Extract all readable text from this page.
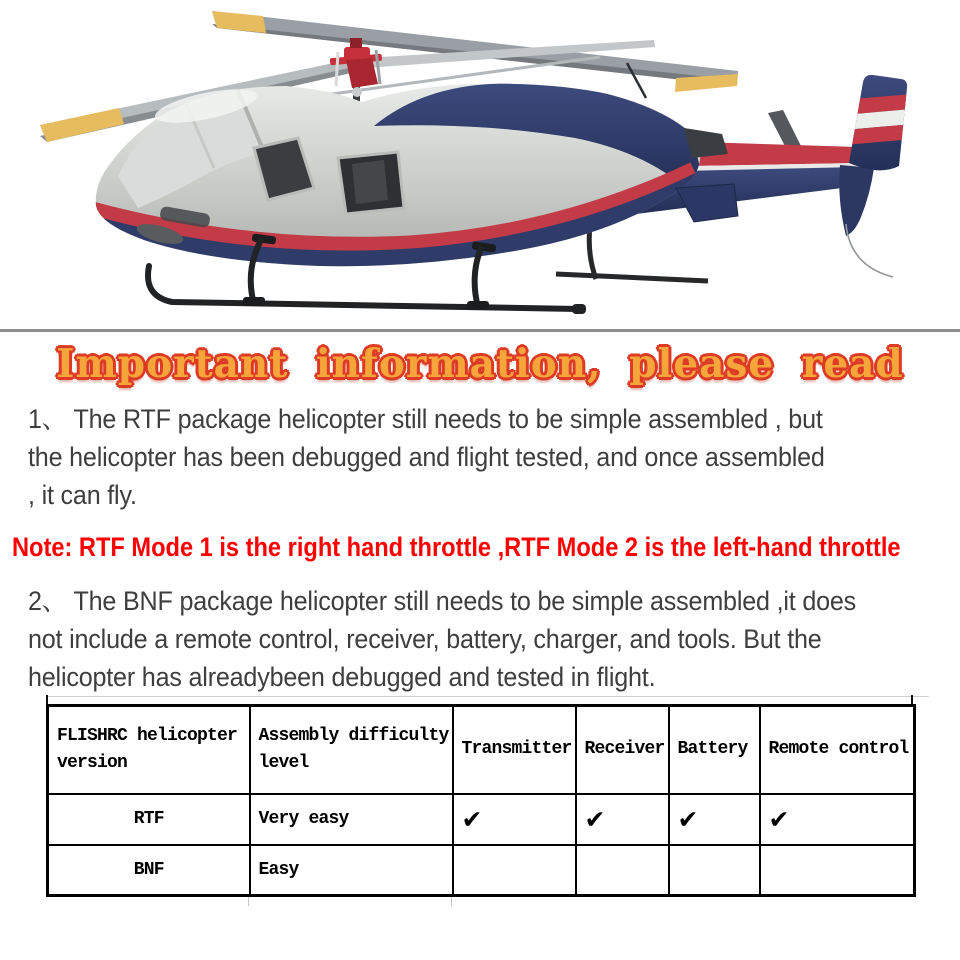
Important information, please read
1、 The RTF package helicopter still needs to be simple assembled , but
the helicopter has been debugged and flight tested, and once assembled
, it can fly.
Note: RTF Mode 1 is the right hand throttle ,RTF Mode 2 is the left-hand throttle
2、 The BNF package helicopter still needs to be simple assembled ,it does
not include a remote control, receiver, battery, charger, and tools. But the
helicopter has alreadybeen debugged and tested in flight.
FLISHRC helicopter version	Assembly difficulty level	Transmitter	Receiver	Battery	Remote control
RTF	Very easy	✔	✔	✔	✔
BNF	Easy				
